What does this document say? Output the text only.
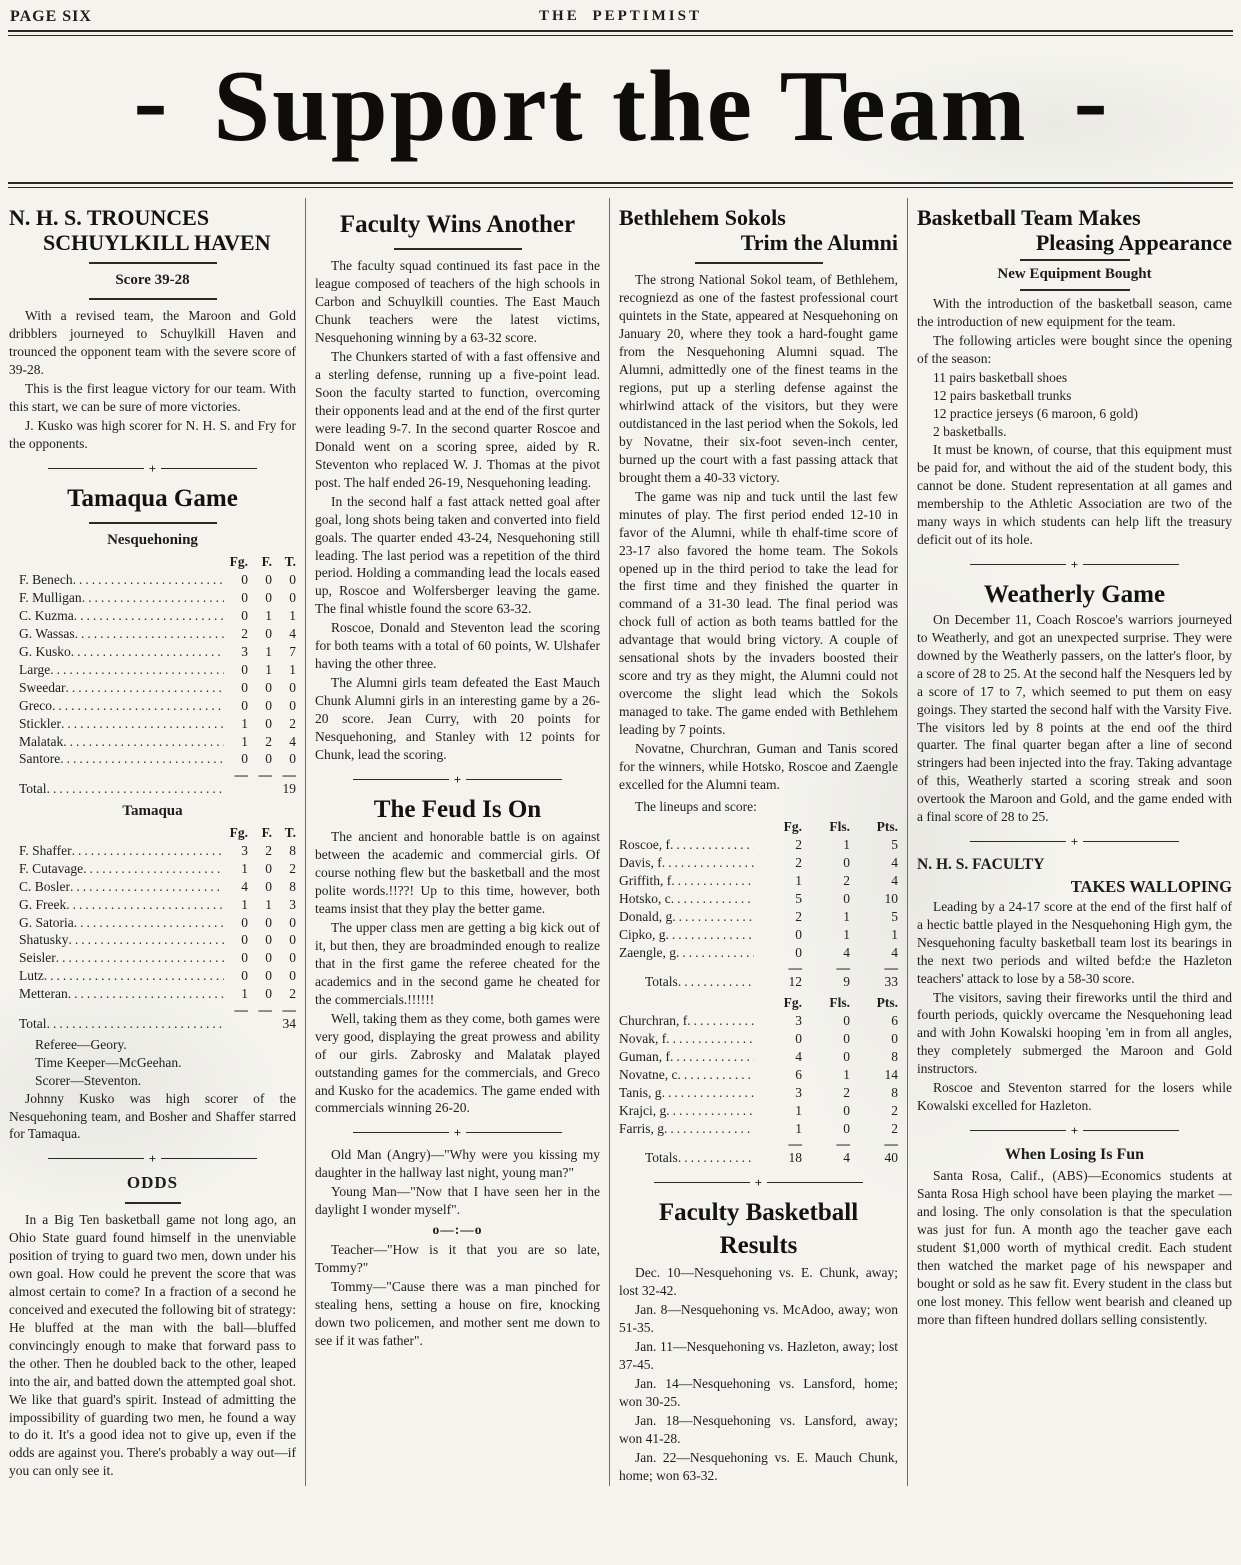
PAGE SIX	THE PEPTIMIST
- Support the Team -
N. H. S. TROUNCES
SCHUYLKILL HAVEN
Score 39-28

With a revised team, the Maroon and Gold dribblers journeyed to Schuylkill Haven and trounced the opponent team with the severe score of 39-28.

This is the first league victory for our team. With this start, we can be sure of more victories.

J. Kusko was high scorer for N. H. S. and Fry for the opponents.

+
Tamaqua Game
Nesquehoning
Fg.	F. T.
F. Benech .....	0	0	0
F. Mulligan .....	0	0	0
C. Kuzma .....	0	1	1
G. Wassas .....	2	0	4
G. Kusko .....	3	1	7
Large .....	0	1	1
Sweedar .....	0	0	0
Greco .....	0	0	0
Stickler .....	1	0	2
Malatak .....	1	2	4
Santore .....	0	0	0
— — —
Total .....	19
Tamaqua
Fg.	F. T.
F. Shaffer .....	3	2	8
F. Cutavage .....	1	0	2
C. Bosler .....	4	0	8
G. Freek .....	1	1	3
G. Satoria .....	0	0	0
Shatusky .....	0	0	0
Seisler .....	0	0	0
Lutz .....	0	0	0
Metteran .....	1	0	2
— — —
Total .....	34

Referee—Geory.

Time Keeper—McGeehan.

Scorer—Steventon.

Johnny Kusko was high scorer of the Nesquehoning team, and Bosher and Shaffer starred for Tamaqua.

+
ODDS

In a Big Ten basketball game not long ago, an Ohio State guard found himself in the unenviable position of trying to guard two men, down under his own goal. How could he prevent the score that was almost certain to come? In a fraction of a second he conceived and executed the following bit of strategy: He bluffed at the man with the ball—bluffed convincingly enough to make that forward pass to the other. Then he doubled back to the other, leaped into the air, and batted down the attempted goal shot. We like that guard's spirit. Instead of admitting the impossibility of guarding two men, he found a way to do it. It's a good idea not to give up, even if the odds are against you. There's probably a way out—if you can only see it.

Faculty Wins Another

The faculty squad continued its fast pace in the league composed of teachers of the high schools in Carbon and Schuylkill counties. The East Mauch Chunk teachers were the latest victims, Nesquehoning winning by a 63-32 score.

The Chunkers started of with a fast offensive and a sterling defense, running up a five-point lead. Soon the faculty started to function, overcoming their opponents lead and at the end of the first qurter were leading 9-7. In the second quarter Roscoe and Donald went on a scoring spree, aided by R. Steventon who replaced W. J. Thomas at the pivot post. The half ended 26-19, Nesquehoning leading.

In the second half a fast attack netted goal after goal, long shots being taken and converted into field goals. The quarter ended 43-24, Nesquehoning still leading. The last period was a repetition of the third period. Holding a commanding lead the locals eased up, Roscoe and Wolfersberger leaving the game. The final whistle found the score 63-32.

Roscoe, Donald and Steventon lead the scoring for both teams with a total of 60 points, W. Ulshafer having the other three.

The Alumni girls team defeated the East Mauch Chunk Alumni girls in an interesting game by a 26-20 score. Jean Curry, with 20 points for Nesquehoning, and Stanley with 12 points for Chunk, lead the scoring.

+
The Feud Is On

The ancient and honorable battle is on against between the academic and commercial girls. Of course nothing flew but the basketball and the most polite words.!!??! Up to this time, however, both teams insist that they play the better game.

The upper class men are getting a big kick out of it, but then, they are broadminded enough to realize that in the first game the referee cheated for the academics and in the second game he cheated for the commercials.!!!!!!

Well, taking them as they come, both games were very good, displaying the great prowess and ability of our girls. Zabrosky and Malatak played outstanding games for the commercials, and Greco and Kusko for the academics. The game ended with commercials winning 26-20.

+

Old Man (Angry)—"Why were you kissing my daughter in the hallway last night, young man?"

Young Man—"Now that I have seen her in the daylight I wonder myself".

o—:—o

Teacher—"How is it that you are so late, Tommy?"

Tommy—"Cause there was a man pinched for stealing hens, setting a house on fire, knocking down two policemen, and mother sent me down to see if it was father".

Bethlehem Sokols
Trim the Alumni

The strong National Sokol team, of Bethlehem, recogniezd as one of the fastest professional court quintets in the State, appeared at Nesquehoning on January 20, where they took a hard-fought game from the Nesquehoning Alumni squad. The Alumni, admittedly one of the finest teams in the regions, put up a sterling defense against the whirlwind attack of the visitors, but they were outdistanced in the last period when the Sokols, led by Novatne, their six-foot seven-inch center, burned up the court with a fast passing attack that brought them a 40-33 victory.

The game was nip and tuck until the last few minutes of play. The first period ended 12-10 in favor of the Alumni, while th ehalf-time score of 23-17 also favored the home team. The Sokols opened up in the third period to take the lead for the first time and they finished the quarter in command of a 31-30 lead. The final period was chock full of action as both teams battled for the advantage that would bring victory. A couple of sensational shots by the invaders boosted their score and try as they might, the Alumni could not overcome the slight lead which the Sokols managed to take. The game ended with Bethlehem leading by 7 points.

Novatne, Churchran, Guman and Tanis scored for the winners, while Hotsko, Roscoe and Zaengle excelled for the Alumni team.

The lineups and score:

Fg.	Fls.	Pts.
Roscoe, f .....	2	1	5
Davis, f .....	2	0	4
Griffith, f .....	1	2	4
Hotsko, c .....	5	0	10
Donald, g .....	2	1	5
Cipko, g .....	0	1	1
Zaengle, g .....	0	4	4
—	—	—
Totals .....	12	9	33
Fg.	Fls.	Pts.
Churchran, f .....	3	0	6
Novak, f .....	0	0	0
Guman, f .....	4	0	8
Novatne, c .....	6	1	14
Tanis, g .....	3	2	8
Krajci, g .....	1	0	2
Farris, g .....	1	0	2
—	—	—
Totals .....	18	4	40
+
Faculty Basketball Results

Dec. 10—Nesquehoning vs. E. Chunk, away; lost 32-42.

Jan. 8—Nesquehoning vs. McAdoo, away; won 51-35.

Jan. 11—Nesquehoning vs. Hazleton, away; lost 37-45.

Jan. 14—Nesquehoning vs. Lansford, home; won 30-25.

Jan. 18—Nesquehoning vs. Lansford, away; won 41-28.

Jan. 22—Nesquehoning vs. E. Mauch Chunk, home; won 63-32.

Basketball Team Makes
Pleasing Appearance
New Equipment Bought

With the introduction of the basketball season, came the introduction of new equipment for the team.

The following articles were bought since the opening of the season:

11 pairs basketball shoes
12 pairs basketball trunks
12 practice jerseys (6 maroon, 6 gold)
2 basketballs.

It must be known, of course, that this equipment must be paid for, and without the aid of the student body, this cannot be done. Student representation at all games and membership to the Athletic Association are two of the many ways in which students can help lift the treasury deficit out of its hole.

+
Weatherly Game

On December 11, Coach Roscoe's warriors journeyed to Weatherly, and got an unexpected surprise. They were downed by the Weatherly passers, on the latter's floor, by a score of 28 to 25. At the second half the Nesquers led by a score of 17 to 7, which seemed to put them on easy goings. They started the second half with the Varsity Five. The visitors led by 8 points at the end oof the third quarter. The final quarter began after a line of second stringers had been injected into the fray. Taking advantage of this, Weatherly started a scoring streak and soon overtook the Maroon and Gold, and the game ended with a final score of 28 to 25.

+
N. H. S. FACULTY
TAKES WALLOPING

Leading by a 24-17 score at the end of the first half of a hectic battle played in the Nesquehoning High gym, the Nesquehoning faculty basketball team lost its bearings in the next two periods and wilted befd:e the Hazleton teachers' attack to lose by a 58-30 score.

The visitors, saving their fireworks until the third and fourth periods, quickly overcame the Nesquehoning lead and with John Kowalski hooping 'em in from all angles, they completely submerged the Maroon and Gold instructors.

Roscoe and Steventon starred for the losers while Kowalski excelled for Hazleton.

+
When Losing Is Fun

Santa Rosa, Calif., (ABS)—Economics students at Santa Rosa High school have been playing the market —and losing. The only consolation is that the speculation was just for fun. A month ago the teacher gave each student $1,000 worth of mythical credit. Each student then watched the market page of his newspaper and bought or sold as he saw fit. Every student in the class but one lost money. This fellow went bearish and cleaned up more than fifteen hundred dollars selling consistently.
